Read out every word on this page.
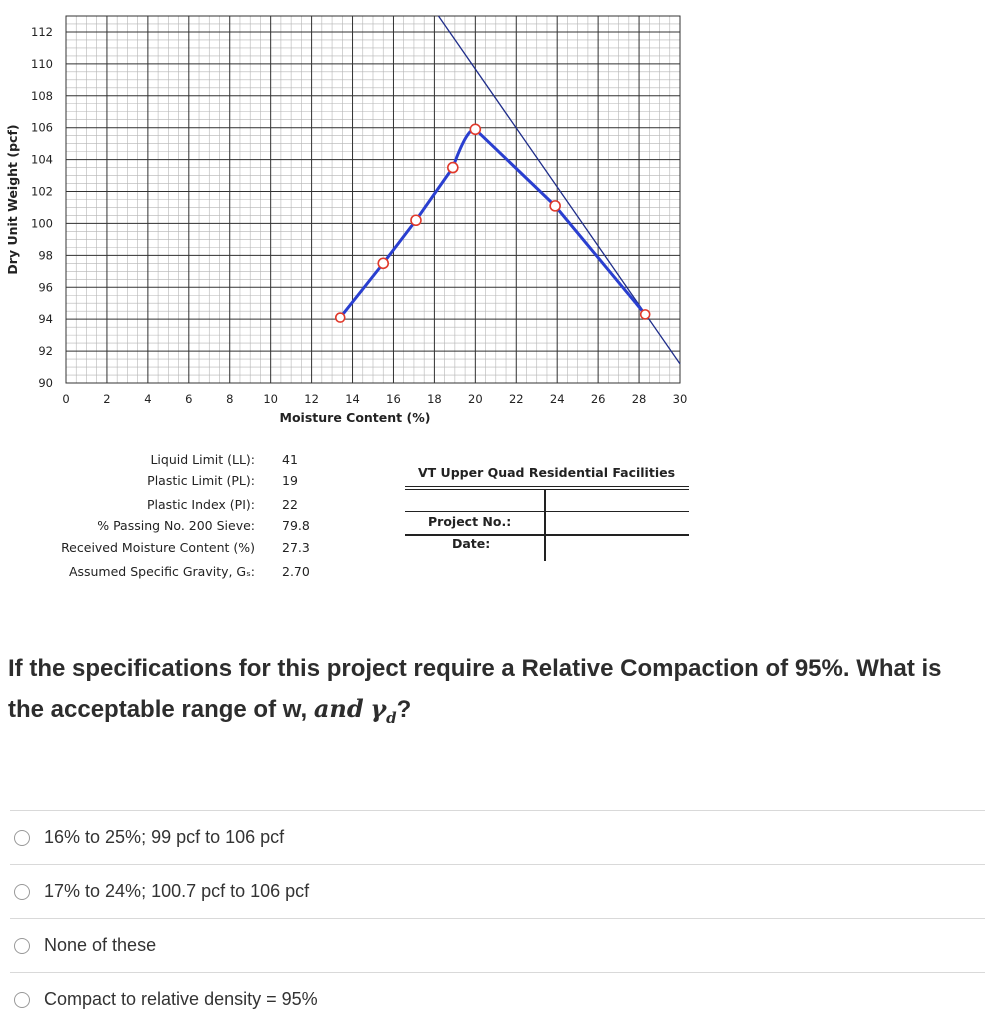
0	2	4	6	8	10 12 14 16 18 20 22 24 26 28 30
90
92
94
96
98
100
102
104
106
108
110
112
Moisture Content (%)
Dry Unit Weight (pcf)
Liquid Limit (LL): 41
Plastic Limit (PL): 19
Plastic Index (PI): 22
% Passing No. 200 Sieve: 79.8
Received Moisture Content (%) 27.3
Assumed Specific Gravity, Gₛ: 2.70
VT Upper Quad Residential Facilities
Project No.:
Date:
If the specifications for this project require a Relative Compaction of 95%. What is
the acceptable range of w, and $\gamma_d$?
16% to 25%; 99 pcf to 106 pcf
17% to 24%; 100.7 pcf to 106 pcf
None of these
Compact to relative density = 95%
